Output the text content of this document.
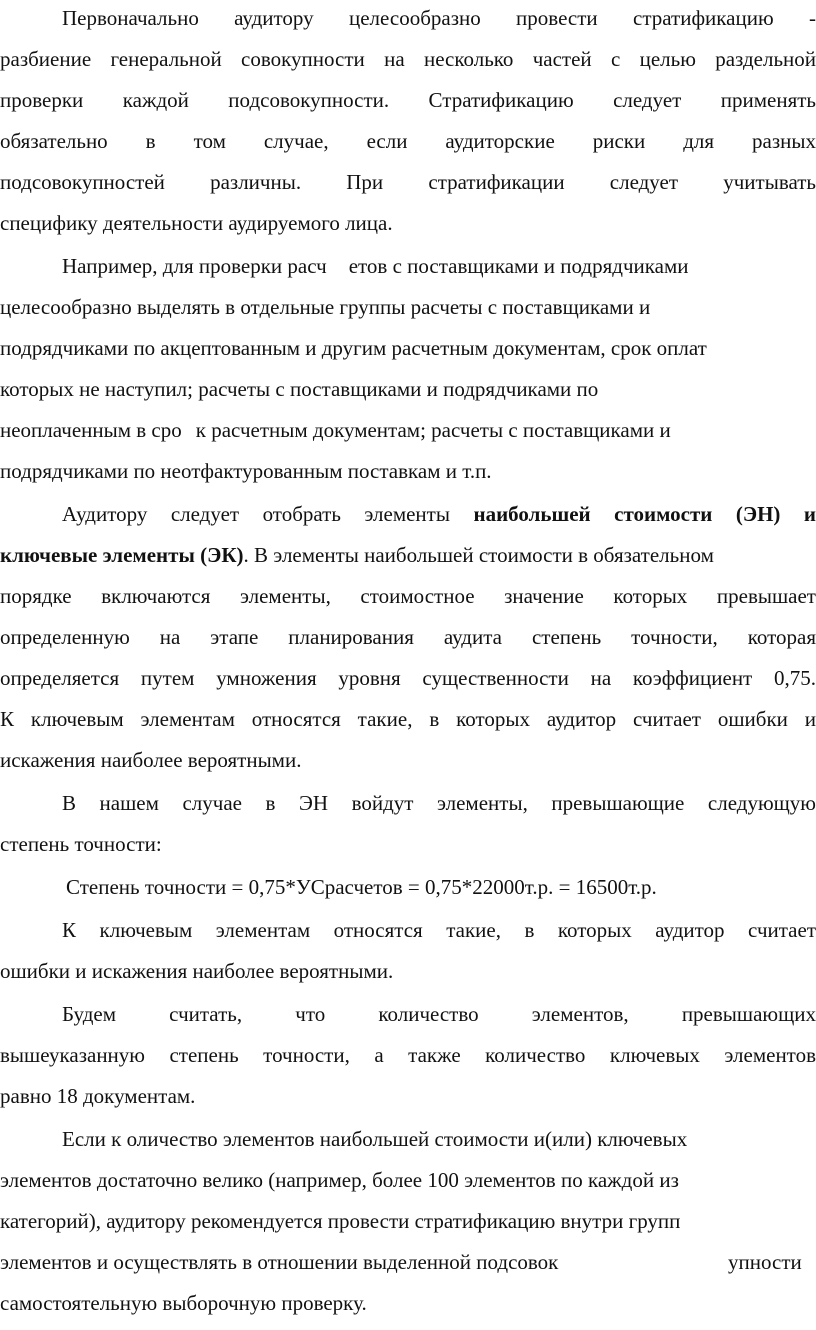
Первоначально аудитору целесообразно провести стратификацию -
разбиение генеральной совокупности на несколько частей с целью раздельной
проверки каждой подсовокупности. Стратификацию следует применять
обязательно в том случае, если аудиторские риски для разных
подсовокупностей различны. При стратификации следует учитывать
специфику деятельности аудируемого лица.
Например, для проверки расч етов с поставщиками и подрядчиками
целесообразно выделять в отдельные группы расчеты с поставщиками и
подрядчиками по акцептованным и другим расчетным документам, срок оплат
которых не наступил; расчеты с поставщиками и подрядчиками по
неоплаченным в сро к расчетным документам; расчеты с поставщиками и
подрядчиками по неотфактурованным поставкам и т.п.
Аудитору следует отобрать элементы наибольшей стоимости (ЭН) и
ключевые элементы (ЭК). В элементы наибольшей стоимости в обязательном
порядке включаются элементы, стоимостное значение которых превышает
определенную на этапе планирования аудита степень точности, которая
определяется путем умножения уровня существенности на коэффициент 0,75.
К ключевым элементам относятся такие, в которых аудитор считает ошибки и
искажения наиболее вероятными.
В нашем случае в ЭН войдут элементы, превышающие следующую
степень точности:
Степень точности = 0,75*УСрасчетов = 0,75*22000т.р. = 16500т.р.
К ключевым элементам относятся такие, в которых аудитор считает
ошибки и искажения наиболее вероятными.
Будем считать, что количество элементов, превышающих
вышеуказанную степень точности, а также количество ключевых элементов
равно 18 документам.
Если к оличество элементов наибольшей стоимости и(или) ключевых
элементов достаточно велико (например, более 100 элементов по каждой из
категорий), аудитору рекомендуется провести стратификацию внутри групп
элементов и осуществлять в отношении выделенной подсовок	упности
самостоятельную выборочную проверку.
